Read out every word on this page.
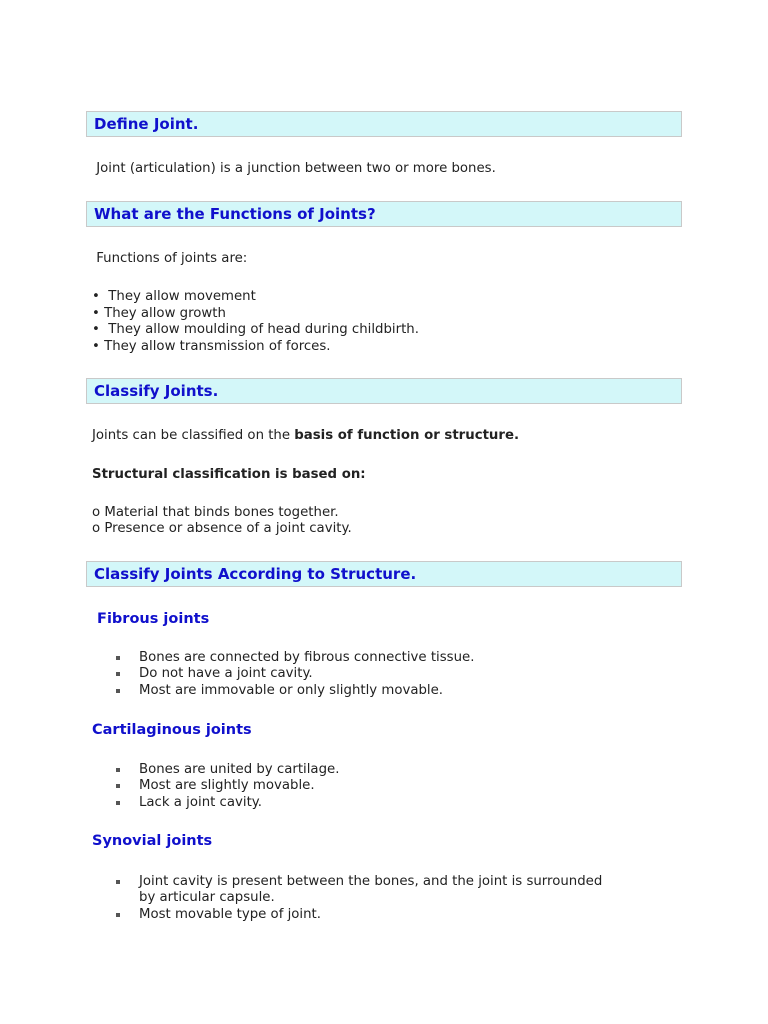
Define Joint.
Joint (articulation) is a junction between two or more bones.
What are the Functions of Joints?
Functions of joints are:
•  They allow movement
• They allow growth
•  They allow moulding of head during childbirth.
• They allow transmission of forces.
Classify Joints.
Joints can be classified on the basis of function or structure.
Structural classification is based on:
o Material that binds bones together.
o Presence or absence of a joint cavity.
Classify Joints According to Structure.
Fibrous joints
Bones are connected by fibrous connective tissue.
Do not have a joint cavity.
Most are immovable or only slightly movable.
Cartilaginous joints
Bones are united by cartilage.
Most are slightly movable.
Lack a joint cavity.
Synovial joints
Joint cavity is present between the bones, and the joint is surrounded
by articular capsule.
Most movable type of joint.
